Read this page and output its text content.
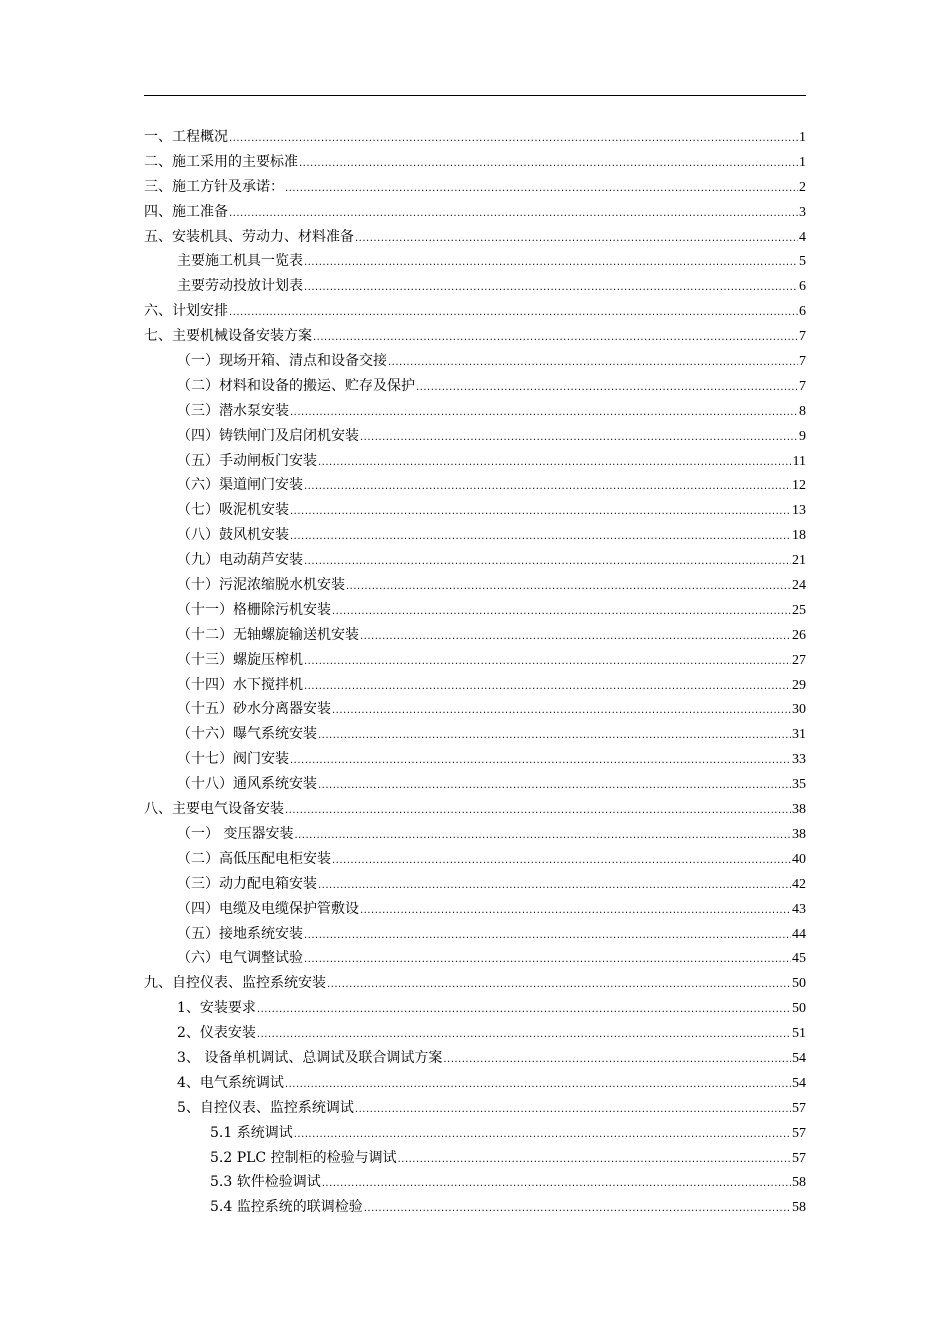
一、工程概况 .....	1
二、施工采用的主要标准 .....	1
三、施工方针及承诺： .....	2
四、施工准备 .....	3
五、安装机具、劳动力、材料准备 .....	4
主要施工机具一览表 .....	5
主要劳动投放计划表 .....	6
六、计划安排 .....	6
七、主要机械设备安装方案 .....	7
（一）现场开箱、清点和设备交接 .....	7
（二）材料和设备的搬运、贮存及保护 .....	7
（三）潜水泵安装 .....	8
（四）铸铁闸门及启闭机安装 .....	9
（五）手动闸板门安装 .....	11
（六）渠道闸门安装 .....	12
（七）吸泥机安装 .....	13
（八）鼓风机安装 .....	18
（九）电动葫芦安装 .....	21
（十）污泥浓缩脱水机安装 .....	24
（十一）格栅除污机安装 .....	25
（十二）无轴螺旋输送机安装 .....	26
（十三）螺旋压榨机 .....	27
（十四）水下搅拌机 .....	29
（十五）砂水分离器安装 .....	30
（十六）曝气系统安装 .....	31
（十七）阀门安装 .....	33
（十八）通风系统安装 .....	35
八、主要电气设备安装 .....	38
（一） 变压器安装 .....	38
（二）高低压配电柜安装 .....	40
（三）动力配电箱安装 .....	42
（四）电缆及电缆保护管敷设 .....	43
（五）接地系统安装 .....	44
（六）电气调整试验 .....	45
九、自控仪表、监控系统安装 .....	50
1、安装要求 .....	50
2、仪表安装 .....	51
3、 设备单机调试、总调试及联合调试方案 .....	54
4、电气系统调试 .....	54
5、自控仪表、监控系统调试 .....	57
5.1 系统调试 .....	57
5.2 PLC 控制柜的检验与调试 .....	57
5.3 软件检验调试 .....	58
5.4 监控系统的联调检验 .....	58
